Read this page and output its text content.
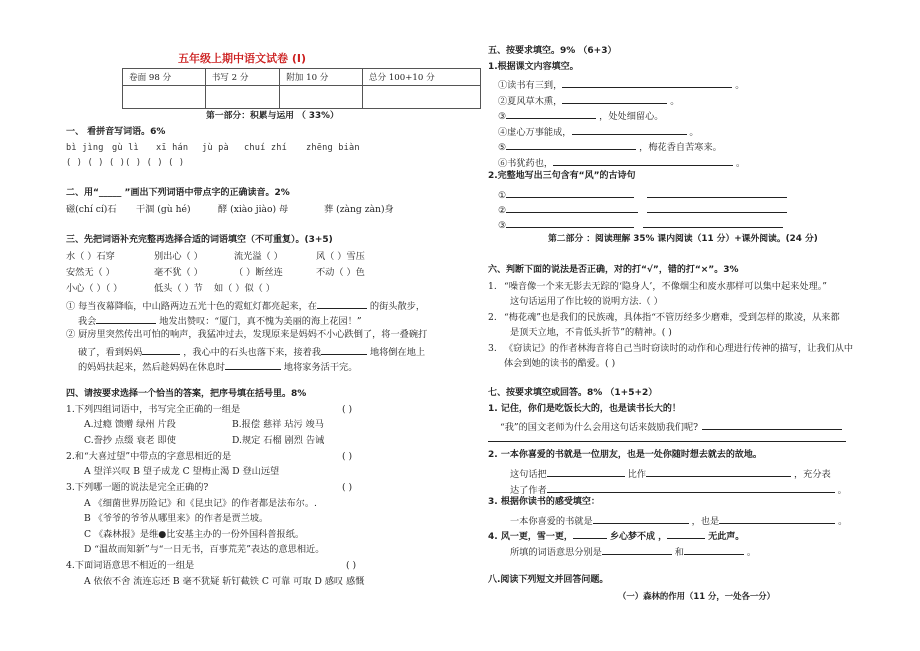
五年级上期中语文试卷 (I)
卷面 98 分	书写 2 分	附加 10 分	总分 100+10 分

第一部分：积累与运用 （ 33%）
一、 看拼音写词语。6%
bì jìng gù lì xī hán jù pà chuí zhí zhēng biàn
( ) ( ) ( )( ) ( ) ( )
二、用“_____ ”画出下列词语中带点字的正确读音。2%
磁(chí cí)石 干涸 (gù hé)	酵 (xiào jiào) 母	葬 (zàng zàn)身
三、先把词语补充完整再选择合适的词语填空（不可重复）。(3+5)
水（ ）石穿	别出心（ ）	流光溢（ ）	风（ ）雪压
安然无（ ）	毫不犹（ ）	（ ）断丝连	不动（ ）色
小心（ ）（ ）	低头（ ）节 如（ ）似（ ）
① 每当夜幕降临，中山路两边五光十色的霓虹灯都亮起来，在	的街头散步，
我会	地发出赞叹：“厦门，真不愧为美丽的海上花园！”
② 厨房里突然传出可怕的响声，我猛冲过去，发现原来是妈妈不小心跌倒了，将一叠碗打
破了，看到妈妈	，我心中的石头也落下来，接着我	地将倒在地上
的妈妈扶起来，然后趁妈妈在休息时	地将家务活干完。
四、请按要求选择一个恰当的答案，把序号填在括号里。8%
1.下列四组词语中，书写完全正确的一组是	( )
A.过瘾 馈赠 绿州 片段	B.报偿 慈祥 玷污 竣马
C.誊抄 点缀 衰老 即使	D.规定 石榴 剧烈 告诫
2.和“大喜过望”中带点的字意思相近的是	( )
A 望洋兴叹 B 望子成龙 C 望梅止渴 D 登山远望
3.下列哪一题的说法是完全正确的?	( )
A 《细菌世界历险记》和《昆虫记》的作者都是法布尔。.
B 《爷爷的爷爷从哪里来》的作者是贾兰坡。
C 《森林报》是维●比安基主办的一份外国科普报纸。
D “温故而知新”与“一日无书，百事荒芜”表达的意思相近。
4.下面词语意思不相近的一组是	( )
A 依依不舍 流连忘还 B 毫不犹疑 斩钉截铁 C 可靠 可取 D 感叹 感慨
五、按要求填空。9% （6+3）
1.根据课文内容填空。
①读书有三到，	。
②夏风草木熏，	。
③	，处处细留心。
④虚心万事能成，	。
⑤	，梅花香自苦寒来。
⑥书犹药也，	。
2.完整地写出三句含有“风”的古诗句
①
②
③
第二部分 ：阅读理解 35% 课内阅读（11 分）+课外阅读。(24 分)
六、判断下面的说法是否正确，对的打“√”，错的打“×”。3%
1. “噪音像一个来无影去无踪的‘隐身人’，不像烟尘和废水那样可以集中起来处理。”
这句话运用了作比较的说明方法.（ ）
2. “梅花魂”也是我们的民族魂，具体指“不管历经多少磨难，受到怎样的欺凌，从来都
是顶天立地，不肯低头折节”的精神。( )
3. 《窃读记》的作者林海音将自己当时窃读时的动作和心理进行传神的描写，让我们从中
体会到她的读书的酷爱。( )
七、按要求填空或回答。8% （1+5+2）
1. 记住，你们是吃饭长大的，也是读书长大的！
“我”的国文老师为什么会用这句话来鼓励我们呢?
2. 一本你喜爱的书就是一位朋友，也是一处你随时想去就去的故地。
这句话把	比作	，充分表
达了作者	。
3. 根据你读书的感受填空：
一本你喜爱的书就是	，也是	。
4. 风一更，雪一更，	乡心梦不成 ，	无此声。
所填的词语意思分别是	和	。
八.阅读下列短文并回答问题。
（一）森林的作用（11 分，一处各一分）
